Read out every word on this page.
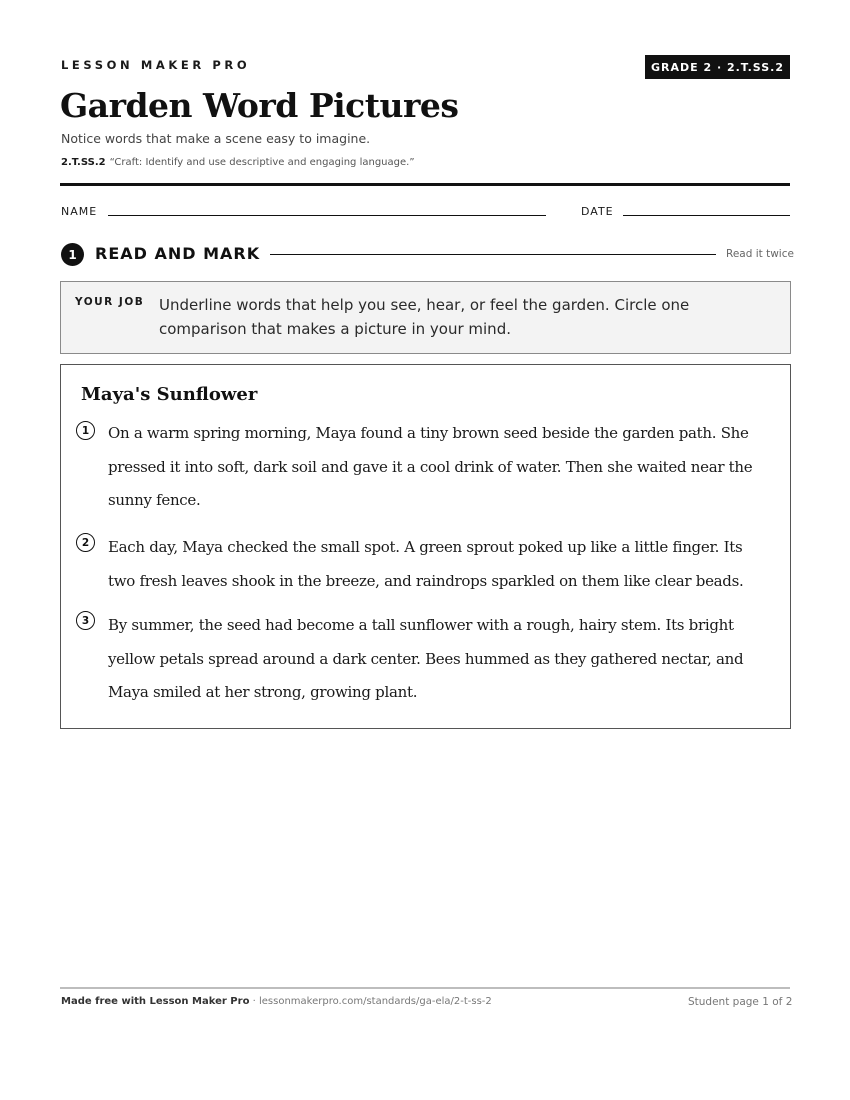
LESSON MAKER PRO	GRADE 2 · 2.T.SS.2
Garden Word Pictures
Notice words that make a scene easy to imagine.
2.T.SS.2 “Craft: Identify and use descriptive and engaging language.”
NAME	DATE
1	READ AND MARK	Read it twice
YOUR JOB Underline words that help you see, hear, or feel the garden. Circle one comparison that makes a picture in your mind.
Maya's Sunflower
1	On a warm spring morning, Maya found a tiny brown seed beside the garden path. She pressed it into soft, dark soil and gave it a cool drink of water. Then she waited near the sunny fence.

2	Each day, Maya checked the small spot. A green sprout poked up like a little finger. Its two fresh leaves shook in the breeze, and raindrops sparkled on them like clear beads.

3	By summer, the seed had become a tall sunflower with a rough, hairy stem. Its bright yellow petals spread around a dark center. Bees hummed as they gathered nectar, and Maya smiled at her strong, growing plant.

Made free with Lesson Maker Pro · lessonmakerpro.com/standards/ga-ela/2-t-ss-2	Student page 1 of 2
